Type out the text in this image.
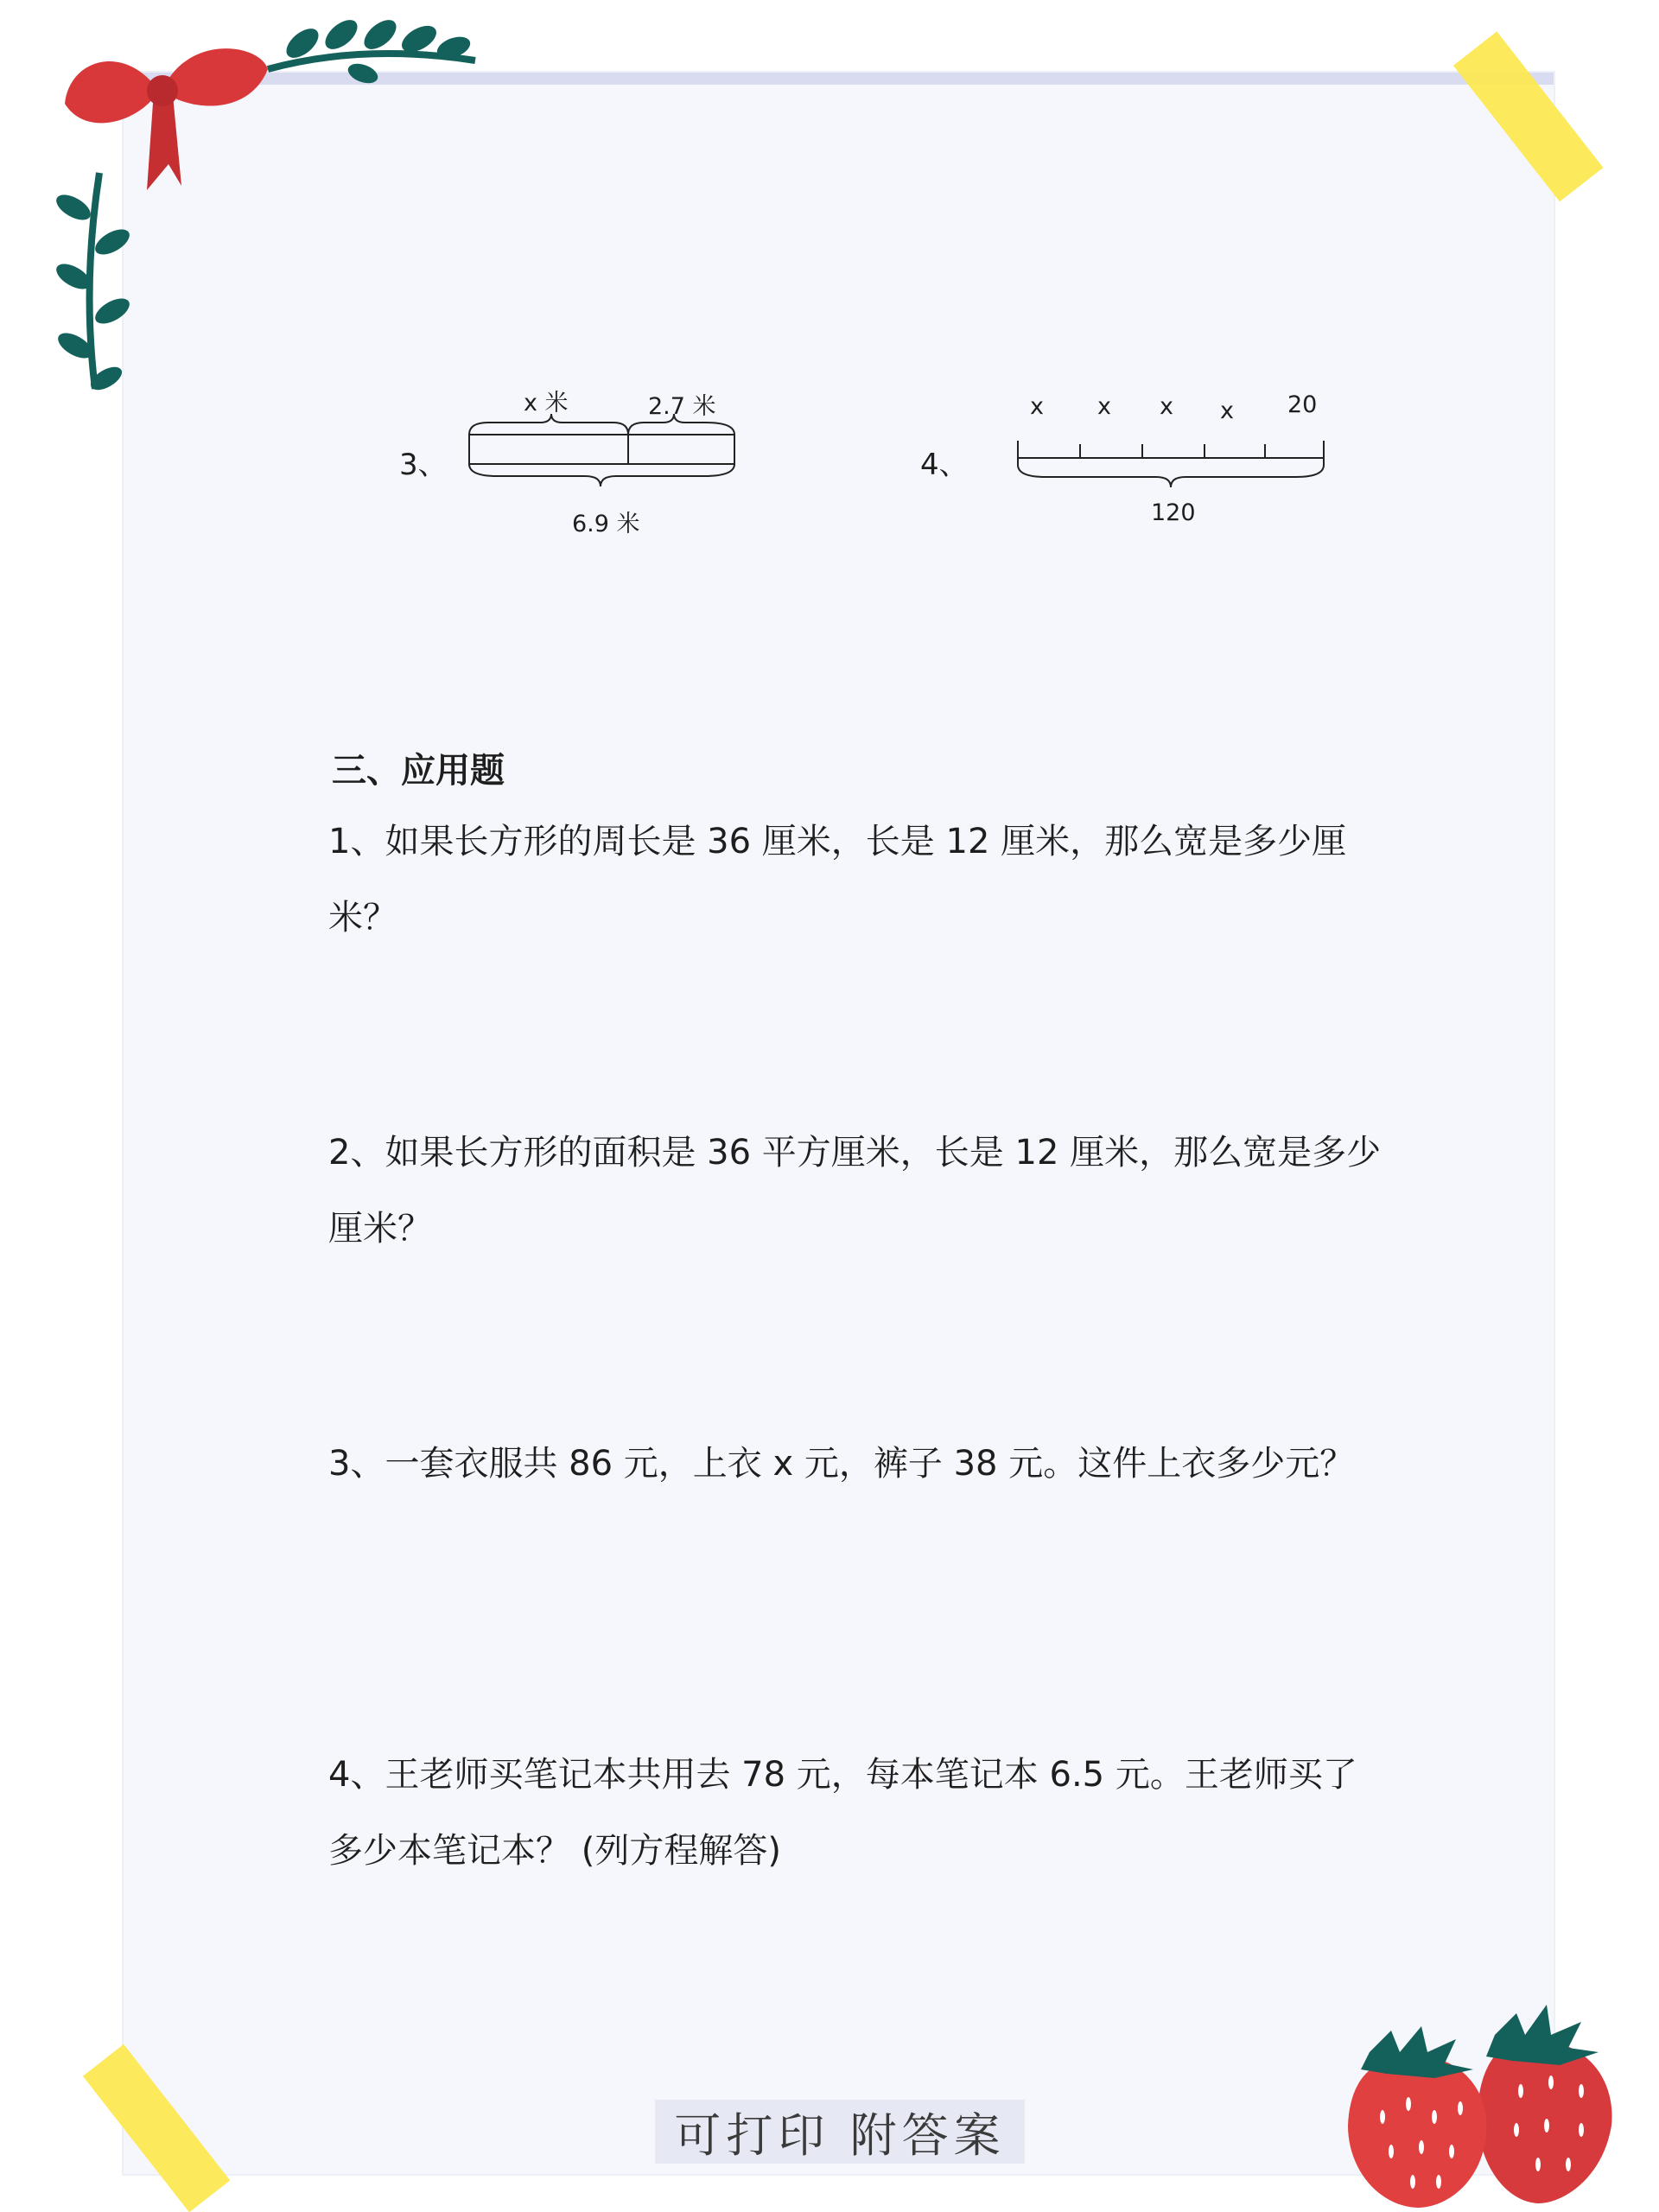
3、
x 米	2.7 米
6.9 米
4、
x x x x 20
120
三、应用题
1、如果长方形的周长是 36 厘米，长是 12 厘米，那么宽是多少厘米？
2、如果长方形的面积是 36 平方厘米，长是 12 厘米，那么宽是多少
厘米？
3、一套衣服共 86 元，上衣 x 元，裤子 38 元。这件上衣多少元？
4、王老师买笔记本共用去 78 元，每本笔记本 6.5 元。王老师买了
多少本笔记本？ (列方程解答)
可打印 附答案
